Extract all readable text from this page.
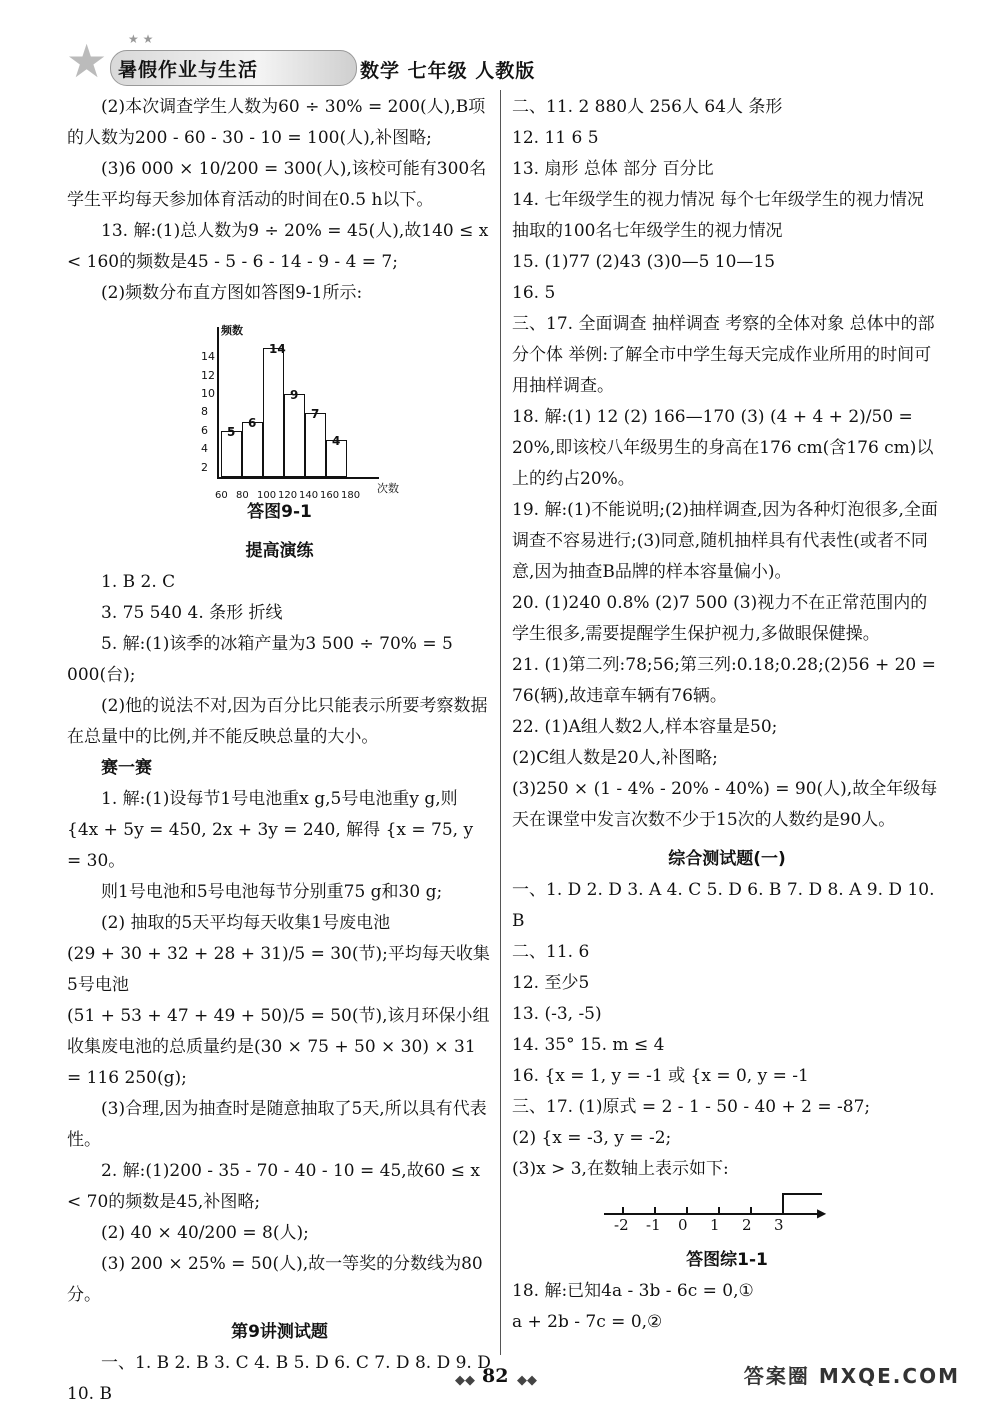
★ ★ ★
暑假作业与生活	数学 七年级 人教版

(2)本次调查学生人数为60 ÷ 30% = 200(人),B项的人数为200 - 60 - 30 - 10 = 100(人),补图略;

(3)6 000 × 10/200 = 300(人),该校可能有300名学生平均每天参加体育活动的时间在0.5 h以下。

13. 解:(1)总人数为9 ÷ 20% = 45(人),故140 ≤ x < 160的频数是45 - 5 - 6 - 14 - 9 - 4 = 7;

(2)频数分布直方图如答图9-1所示:

频数
次数
2
4
6
8
10
12
14
60 80 100 120 140 160 180
5
6
14
9
7
4

答图9-1

提高演练

1. B 2. C

3. 75 540 4. 条形 折线

5. 解:(1)该季的冰箱产量为3 500 ÷ 70% = 5 000(台);

(2)他的说法不对,因为百分比只能表示所要考察数据在总量中的比例,并不能反映总量的大小。

赛一赛

1. 解:(1)设每节1号电池重x g,5号电池重y g,则

{4x + 5y = 450, 2x + 3y = 240, 解得 {x = 75, y = 30。

则1号电池和5号电池每节分别重75 g和30 g;

(2) 抽取的5天平均每天收集1号废电池

(29 + 30 + 32 + 28 + 31)/5 = 30(节);平均每天收集5号电池

(51 + 53 + 47 + 49 + 50)/5 = 50(节),该月环保小组收集废电池的总质量约是(30 × 75 + 50 × 30) × 31 = 116 250(g);

(3)合理,因为抽查时是随意抽取了5天,所以具有代表性。

2. 解:(1)200 - 35 - 70 - 40 - 10 = 45,故60 ≤ x < 70的频数是45,补图略;

(2) 40 × 40/200 = 8(人);

(3) 200 × 25% = 50(人),故一等奖的分数线为80分。

第9讲测试题

一、1. B 2. B 3. C 4. B 5. D 6. C 7. D 8. D 9. D 10. B

二、11. 2 880人 256人 64人 条形

12. 11 6 5

13. 扇形 总体 部分 百分比

14. 七年级学生的视力情况 每个七年级学生的视力情况 抽取的100名七年级学生的视力情况

15. (1)77 (2)43 (3)0—5 10—15

16. 5

三、17. 全面调查 抽样调查 考察的全体对象 总体中的部分个体 举例:了解全市中学生每天完成作业所用的时间可用抽样调查。

18. 解:(1) 12 (2) 166—170 (3) (4 + 4 + 2)/50 = 20%,即该校八年级男生的身高在176 cm(含176 cm)以上的约占20%。

19. 解:(1)不能说明;(2)抽样调查,因为各种灯泡很多,全面调查不容易进行;(3)同意,随机抽样具有代表性(或者不同意,因为抽查B品牌的样本容量偏小)。

20. (1)240 0.8% (2)7 500 (3)视力不在正常范围内的学生很多,需要提醒学生保护视力,多做眼保健操。

21. (1)第二列:78;56;第三列:0.18;0.28;(2)56 + 20 = 76(辆),故违章车辆有76辆。

22. (1)A组人数2人,样本容量是50;

(2)C组人数是20人,补图略;

(3)250 × (1 - 4% - 20% - 40%) = 90(人),故全年级每天在课堂中发言次数不少于15次的人数约是90人。

综合测试题(一)

一、1. D 2. D 3. A 4. C 5. D 6. B 7. D 8. A 9. D 10. B

二、11. 6

12. 至少5

13. (-3, -5)

14. 35° 15. m ≤ 4

16. {x = 1, y = -1 或 {x = 0, y = -1

三、17. (1)原式 = 2 - 1 - 50 - 40 + 2 = -87;

(2) {x = -3, y = -2;

(3)x > 3,在数轴上表示如下:

▶
-2 -1 0 1 2 3

答图综1-1

18. 解:已知4a - 3b - 6c = 0,①

a + 2b - 7c = 0,②

◆◆ 82 ◆◆	答案圈 MXQE.COM
